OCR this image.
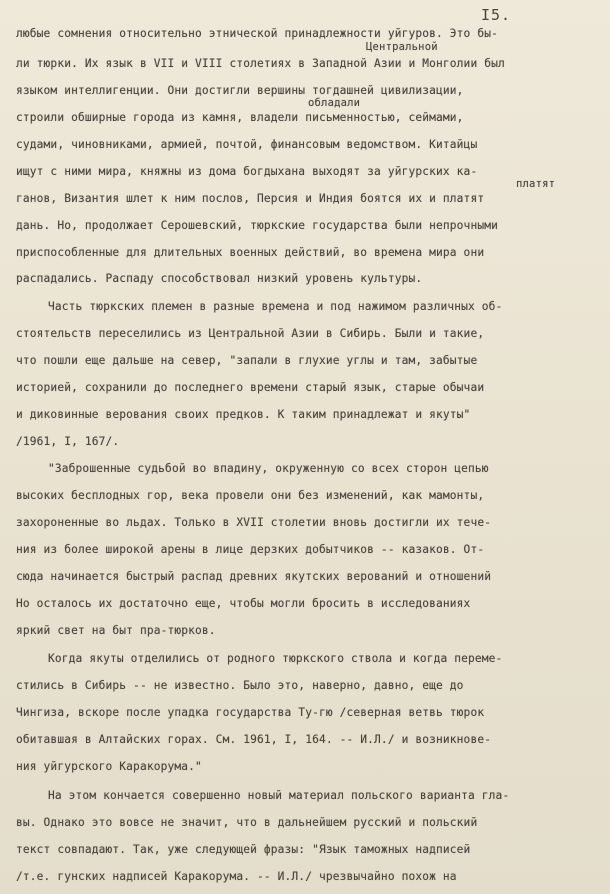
I5.
Центральной
обладали
платят
любые сомнения относительно этнической принадлежности уйгуров. Это бы-
ли тюрки. Их язык в VII и VIII столетиях в Западной Азии и Монголии был
языком интеллигенции. Они достигли вершины тогдашней цивилизации,
строили обширные города из камня, владели письменностью, сеймами,
судами, чиновниками, армией, почтой, финансовым ведомством. Китайцы
ищут с ними мира, княжны из дома богдыхана выходят за уйгурских ка-
ганов, Византия шлет к ним послов, Персия и Индия боятся их и платят
дань. Но, продолжает Серошевский, тюркские государства были непрочными
приспособленные для длительных военных действий, во времена мира они
распадались. Распаду способствовал низкий уровень культуры.
Часть тюркских племен в разные времена и под нажимом различных об-
стоятельств переселились из Центральной Азии в Сибирь. Были и такие,
что пошли еще дальше на север, "запали в глухие углы и там, забытые
историей, сохранили до последнего времени старый язык, старые обычаи
и диковинные верования своих предков. К таким принадлежат и якуты"
/1961, I, 167/.
"Заброшенные судьбой во впадину, окруженную со всех сторон цепью
высоких бесплодных гор, века провели они без изменений, как мамонты,
захороненные во льдах. Только в XVII столетии вновь достигли их тече-
ния из более широкой арены в лице дерзких добытчиков -- казаков. От-
сюда начинается быстрый распад древних якутских верований и отношений
Но осталось их достаточно еще, чтобы могли бросить в исследованиях
яркий свет на быт пра-тюрков.
Когда якуты отделились от родного тюркского ствола и когда переме-
стились в Сибирь -- не известно. Было это, наверно, давно, еще до
Чингиза, вскоре после упадка государства Ту-гю /северная ветвь тюрок
обитавшая в Алтайских горах. См. 1961, I, 164. -- И.Л./ и возникнове-
ния уйгурского Каракорума."
На этом кончается совершенно новый материал польского варианта гла-
вы. Однако это вовсе не значит, что в дальнейшем русский и польский
текст совпадают. Так, уже следующей фразы: "Язык таможных надписей
/т.е. гунских надписей Каракорума. -- И.Л./ чрезвычайно похож на
